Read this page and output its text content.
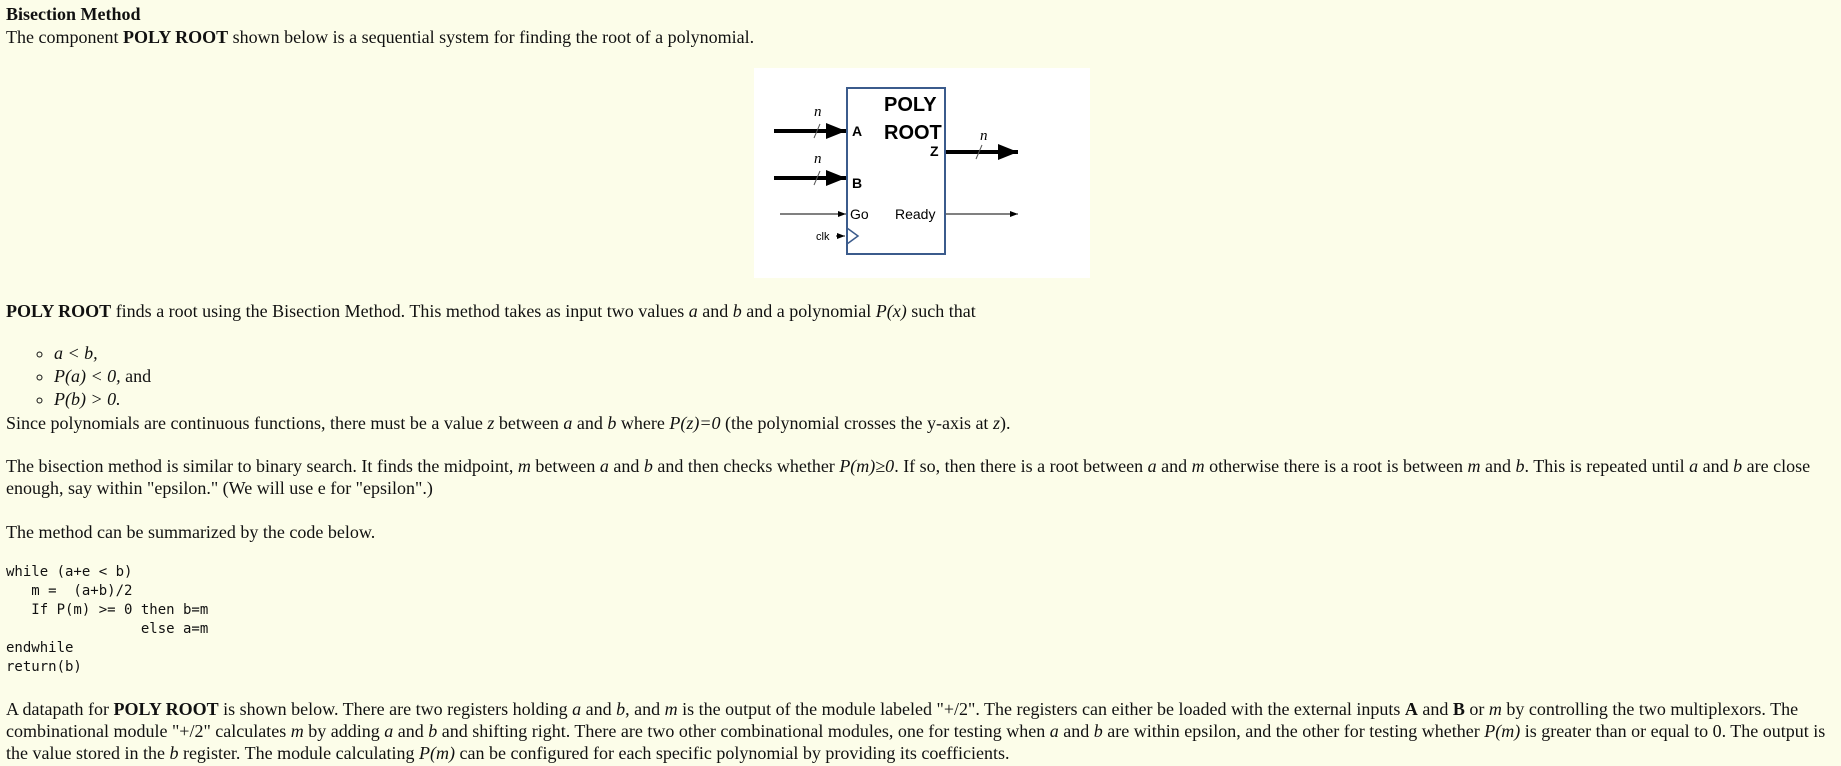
Bisection Method

The component POLY ROOT shown below is a sequential system for finding the root of a polynomial.

POLY
ROOT
n
A
n
B
Go
clk
Z
n
Ready

POLY ROOT finds a root using the Bisection Method. This method takes as input two values a and b and a polynomial P(x) such that

◦ a < b,
◦ P(a) < 0, and
◦ P(b) > 0.

Since polynomials are continuous functions, there must be a value z between a and b where P(z)=0 (the polynomial crosses the y-axis at z).

The bisection method is similar to binary search. It finds the midpoint, m between a and b and then checks whether P(m)≥0. If so, then there is a root between a and m otherwise there is a root is between m and b. This is repeated until a and b are close enough, say within "epsilon." (We will use e for "epsilon".)

The method can be summarized by the code below.

while (a+e < b)
m =  (a+b)/2
If P(m) >= 0 then b=m
else a=m
endwhile
return(b)

A datapath for POLY ROOT is shown below. There are two registers holding a and b, and m is the output of the module labeled "+/2". The registers can either be loaded with the external inputs A and B or m by controlling the two multiplexors. The combinational module "+/2" calculates m by adding a and b and shifting right. There are two other combinational modules, one for testing when a and b are within epsilon, and the other for testing whether P(m) is greater than or equal to 0. The output is the value stored in the b register. The module calculating P(m) can be configured for each specific polynomial by providing its coefficients.
